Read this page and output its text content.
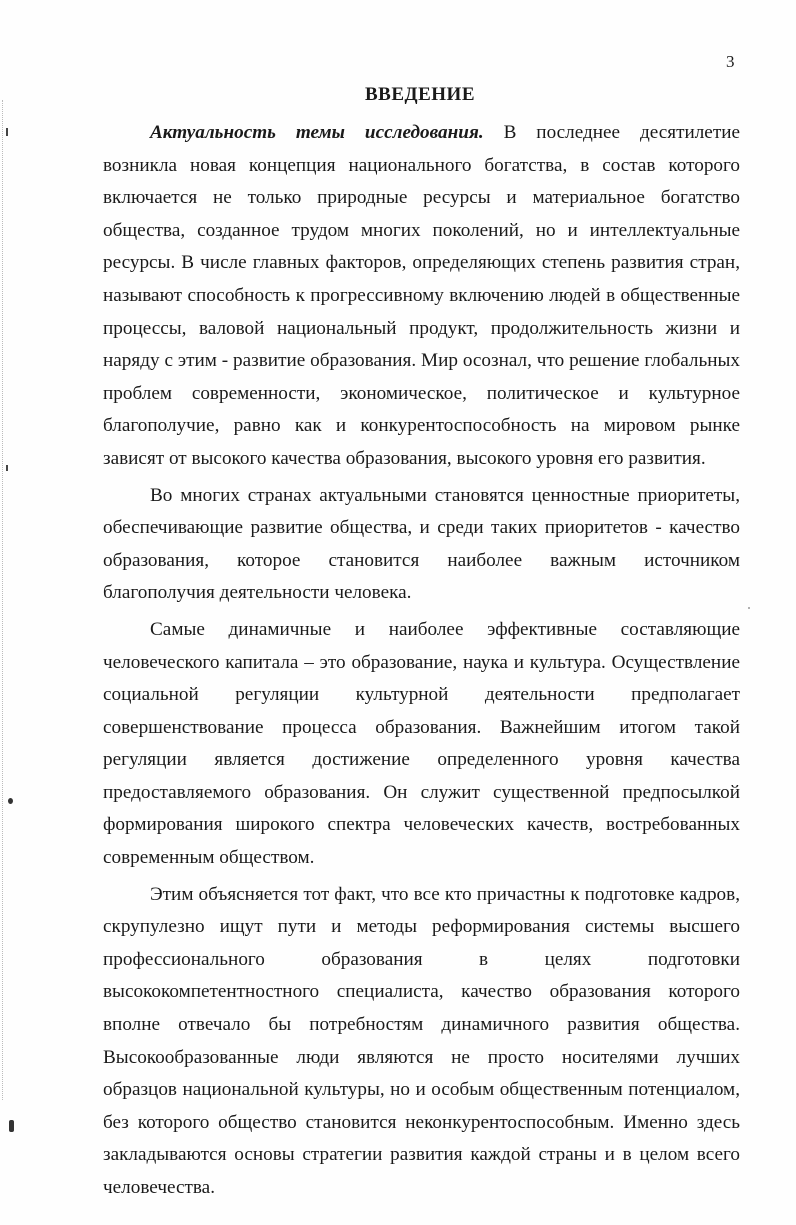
3
ВВЕДЕНИЕ

Актуальность темы исследования. В последнее десятилетие возникла новая концепция национального богатства, в состав которого включается не только природные ресурсы и материальное богатство общества, созданное трудом многих поколений, но и интеллектуальные ресурсы. В числе главных факторов, определяющих степень развития стран, называют способность к прогрессивному включению людей в общественные процессы, валовой национальный продукт, продолжительность жизни и наряду с этим - развитие образования. Мир осознал, что решение глобальных проблем современности, экономическое, политическое и культурное благополучие, равно как и конкурентоспособность на мировом рынке зависят от высокого качества образования, высокого уровня его развития.

Во многих странах актуальными становятся ценностные приоритеты, обеспечивающие развитие общества, и среди таких приоритетов - качество образования, которое становится наиболее важным источником благополучия деятельности человека.

Самые динамичные и наиболее эффективные составляющие человеческого капитала – это образование, наука и культура. Осуществление социальной регуляции культурной деятельности предполагает совершенствование процесса образования. Важнейшим итогом такой регуляции является достижение определенного уровня качества предоставляемого образования. Он служит существенной предпосылкой формирования широкого спектра человеческих качеств, востребованных современным обществом.

Этим объясняется тот факт, что все кто причастны к подготовке кадров, скрупулезно ищут пути и методы реформирования системы высшего профессионального образования в целях подготовки высококомпетентностного специалиста, качество образования которого вполне отвечало бы потребностям динамичного развития общества. Высокообразованные люди являются не просто носителями лучших образцов национальной культуры, но и особым общественным потенциалом, без которого общество становится неконкурентоспособным. Именно здесь закладываются основы стратегии развития каждой страны и в целом всего человечества.
